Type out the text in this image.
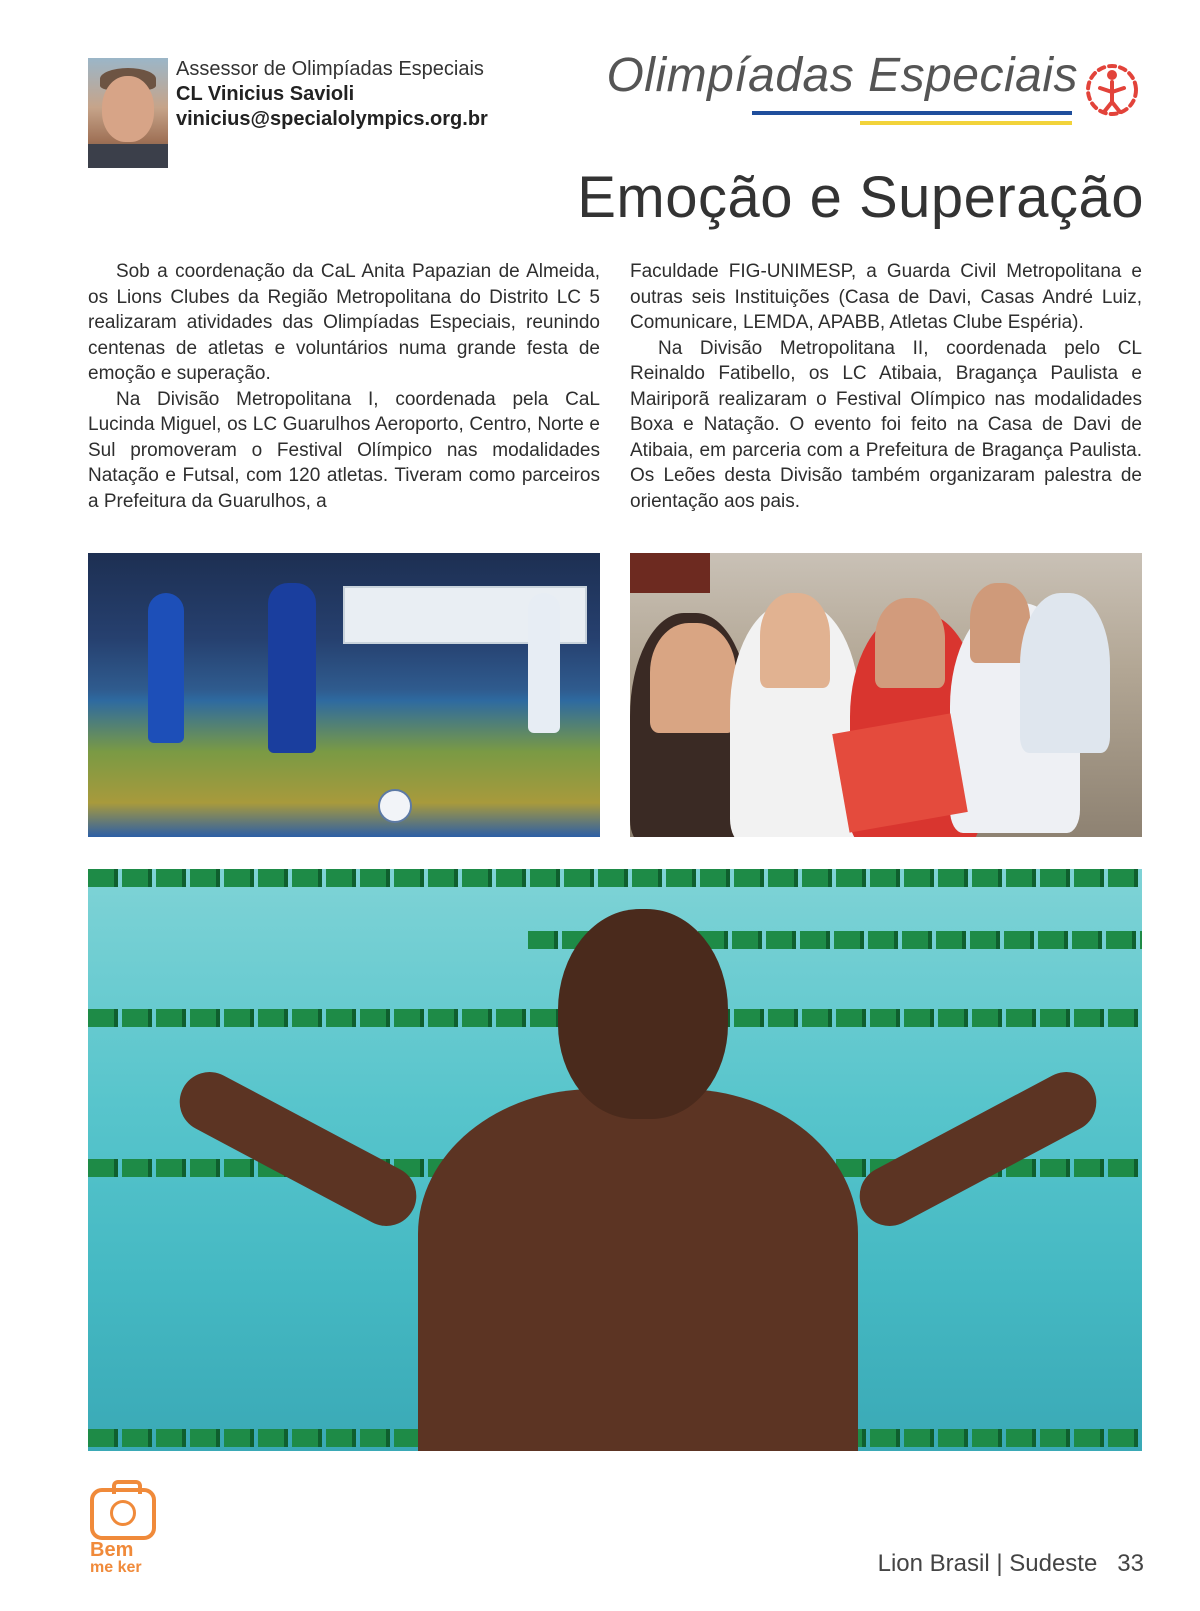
Assessor de Olimpíadas Especiais
CL Vinicius Savioli
vinicius@specialolympics.org.br
Olimpíadas Especiais
Emoção e Superação

Sob a coordenação da CaL Anita Papazian de Almeida, os Lions Clubes da Região Metropolitana do Distrito LC 5 realizaram atividades das Olimpíadas Especiais, reunindo centenas de atletas e voluntários numa grande festa de emoção e superação.

Na Divisão Metropolitana I, coordenada pela CaL Lucinda Miguel, os LC Guarulhos Aeroporto, Centro, Norte e Sul promoveram o Festival Olímpico nas modalidades Natação e Futsal, com 120 atletas. Tiveram como parceiros a Prefeitura da Guarulhos, a

Faculdade FIG-UNIMESP, a Guarda Civil Metropolitana e outras seis Instituições (Casa de Davi, Casas André Luiz, Comunicare, LEMDA, APABB, Atletas Clube Espéria).

Na Divisão Metropolitana II, coordenada pelo CL Reinaldo Fatibello, os LC Atibaia, Bragança Paulista e Mairiporã realizaram o Festival Olímpico nas modalidades Boxa e Natação. O evento foi feito na Casa de Davi de Atibaia, em parceria com a Prefeitura de Bragança Paulista. Os Leões desta Divisão também organizaram palestra de orientação aos pais.

Bem
me ker	Lion Brasil | Sudeste   33
